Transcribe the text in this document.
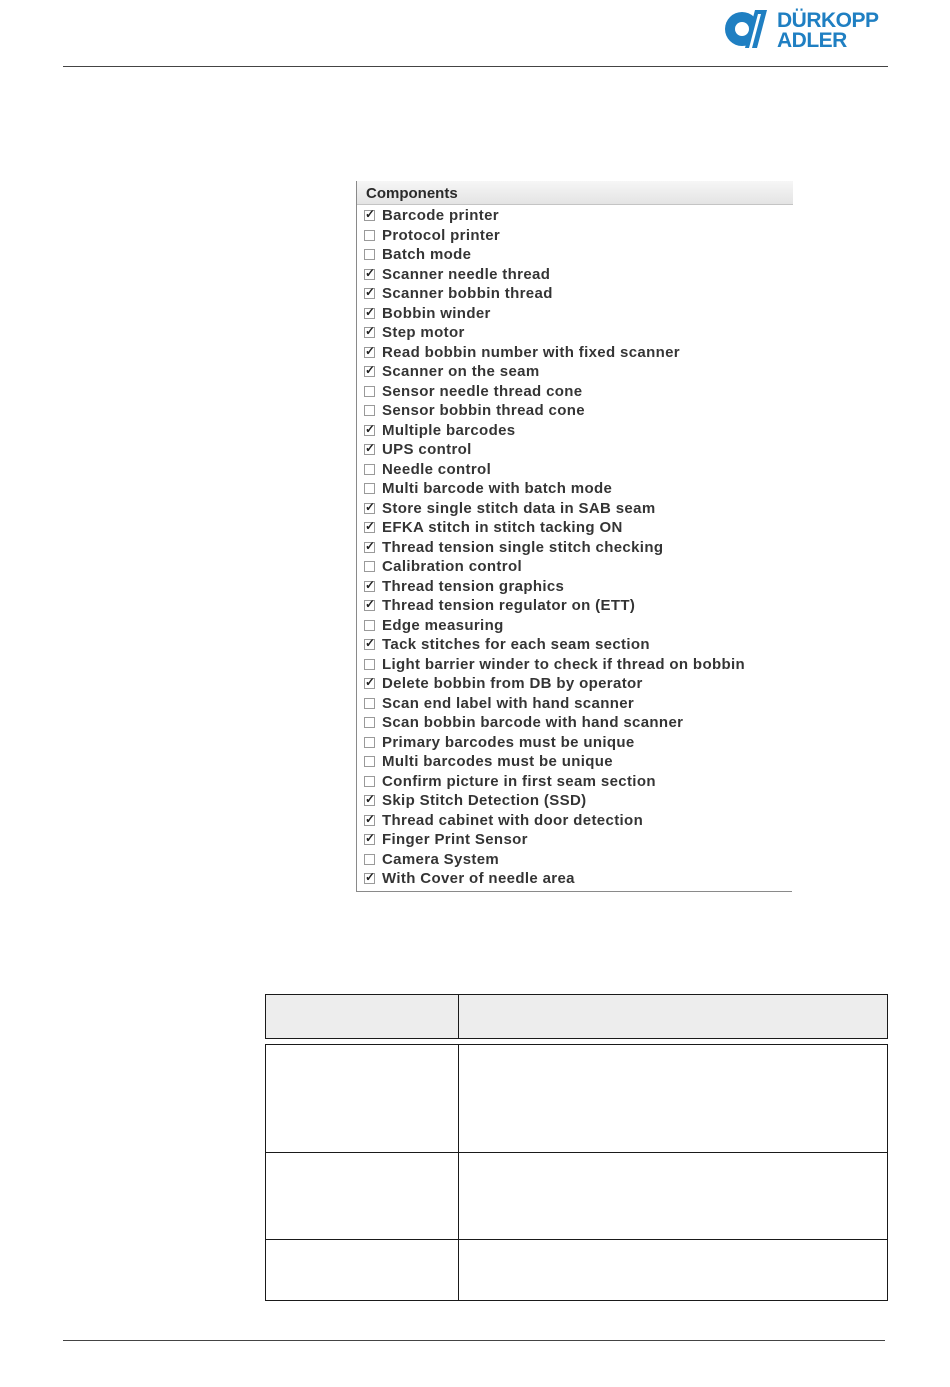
DÜRKOPP
ADLER
Components
✓ Barcode printer
Protocol printer
Batch mode
✓ Scanner needle thread
✓ Scanner bobbin thread
✓ Bobbin winder
✓ Step motor
✓ Read bobbin number with fixed scanner
✓ Scanner on the seam
Sensor needle thread cone
Sensor bobbin thread cone
✓ Multiple barcodes
✓ UPS control
Needle control
Multi barcode with batch mode
✓ Store single stitch data in SAB seam
✓ EFKA stitch in stitch tacking ON
✓ Thread tension single stitch checking
Calibration control
✓ Thread tension graphics
✓ Thread tension regulator on (ETT)
Edge measuring
✓ Tack stitches for each seam section
Light barrier winder to check if thread on bobbin
✓ Delete bobbin from DB by operator
Scan end label with hand scanner
Scan bobbin barcode with hand scanner
Primary barcodes must be unique
Multi barcodes must be unique
Confirm picture in first seam section
✓ Skip Stitch Detection (SSD)
✓ Thread cabinet with door detection
✓ Finger Print Sensor
Camera System
✓ With Cover of needle area
